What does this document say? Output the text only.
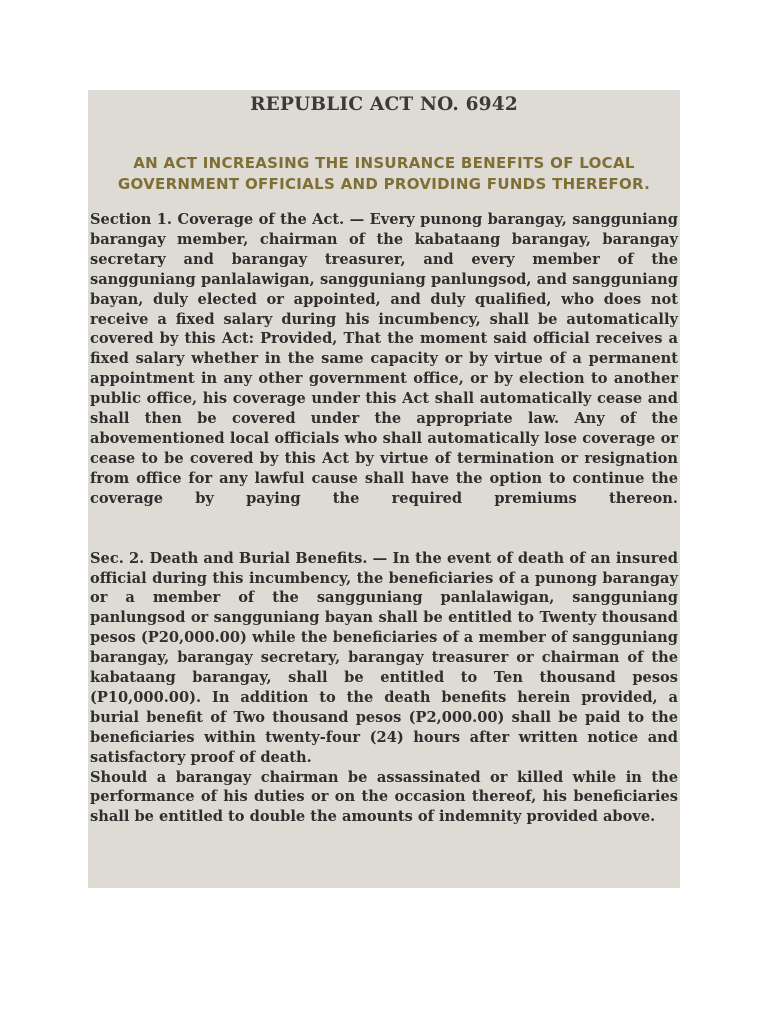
REPUBLIC ACT NO. 6942
AN ACT INCREASING THE INSURANCE BENEFITS OF LOCAL
GOVERNMENT OFFICIALS AND PROVIDING FUNDS THEREFOR.

Section 1. Coverage of the Act. — Every punong barangay, sangguniang barangay member, chairman of the kabataang barangay, barangay secretary and barangay treasurer, and every member of the sangguniang panlalawigan, sangguniang panlungsod, and sangguniang bayan, duly elected or appointed, and duly qualified, who does not receive a fixed salary during his incumbency, shall be automatically covered by this Act: Provided, That the moment said official receives a fixed salary whether in the same capacity or by virtue of a permanent appointment in any other government office, or by election to another public office, his coverage under this Act shall automatically cease and shall then be covered under the appropriate law. Any of the abovementioned local officials who shall automatically lose coverage or cease to be covered by this Act by virtue of termination or resignation from office for any lawful cause shall have the option to continue the coverage by paying the required premiums thereon.

Sec. 2. Death and Burial Benefits. — In the event of death of an insured official during this incumbency, the beneficiaries of a punong barangay or a member of the sangguniang panlalawigan, sangguniang panlungsod or sangguniang bayan shall be entitled to Twenty thousand pesos (P20,000.00) while the beneficiaries of a member of sangguniang barangay, barangay secretary, barangay treasurer or chairman of the kabataang barangay, shall be entitled to Ten thousand pesos (P10,000.00). In addition to the death benefits herein provided, a burial benefit of Two thousand pesos (P2,000.00) shall be paid to the beneficiaries within twenty-four (24) hours after written notice and satisfactory proof of death.

Should a barangay chairman be assassinated or killed while in the performance of his duties or on the occasion thereof, his beneficiaries shall be entitled to double the amounts of indemnity provided above.
